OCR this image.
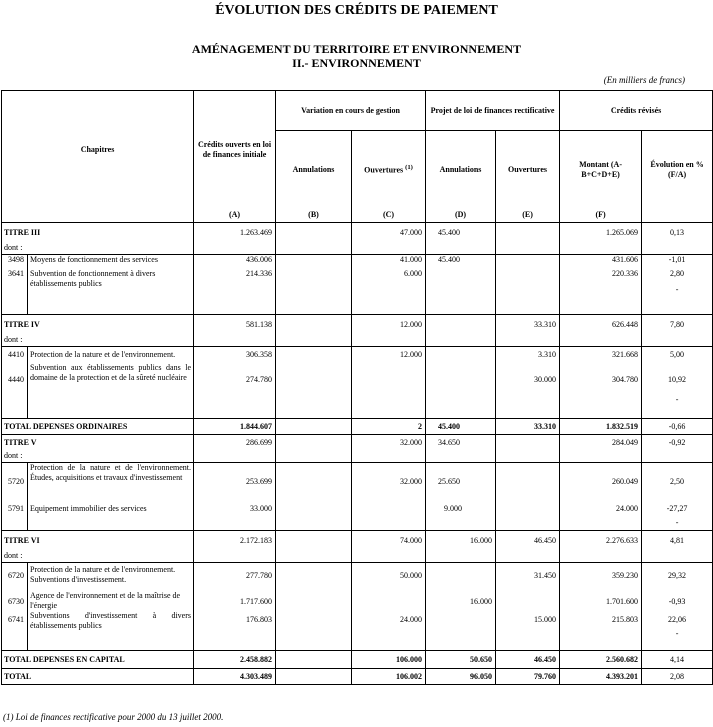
ÉVOLUTION DES CRÉDITS DE PAIEMENT
AMÉNAGEMENT DU TERRITOIRE ET ENVIRONNEMENT
II.- ENVIRONNEMENT
(En milliers de francs)
Chapitres		Crédits ouverts en loi de finances initiale	Variation en cours de gestion		Projet de loi de finances rectificative		Crédits révisés	
			Annulations	Ouvertures $^{(1)}$	Annulations	Ouvertures	Montant (A-B+C+D+E)	Évolution en % (F/A)

		(A)	(B)	(C)	(D)	(E)	(F)	
TITRE III		1.263.469		47.000	45.400		1.265.069	0,13
dont :								
3498	Moyens de fonctionnement des services	436.006		41.000	45.400		431.606	-1,01
3641	Subvention de fonctionnement à divers établissements publics	214.336		6.000			220.336	2,80
-

TITRE IV		581.138		12.000		33.310	626.448	7,80
dont :								
4410	Protection de la nature et de l'environnement.	306.358		12.000		3.310	321.668	5,00
4440	Subvention aux établissements publics dans le domaine de la protection et de la sûreté nucléaire	274.780				30.000	304.780	10,92
-

TOTAL DEPENSES ORDINAIRES		1.844.607		2	45.400	33.310	1.832.519	-0,66
TITRE V		286.699		32.000	34.650		284.049	-0,92
dont :								
5720	Protection de la nature et de l'environnement. Études, acquisitions et travaux d'investissement	253.699		32.000	25.650		260.049	2,50
5791	Equipement immobilier des services	33.000			9.000		24.000	-27,27
-

TITRE VI		2.172.183		74.000	16.000	46.450	2.276.633	4,81
dont :								
6720	Protection de la nature et de l'environnement. Subventions d'investissement.	277.780		50.000		31.450	359.230	29,32
6730	Agence de l'environnement et de la maîtrise de l'énergie	1.717.600			16.000		1.701.600	-0,93
6741	Subventions d'investissement à divers établissements publics	176.803		24.000		15.000	215.803	22,06
-

TOTAL DEPENSES EN CAPITAL		2.458.882		106.000	50.650	46.450	2.560.682	4,14
TOTAL		4.303.489		106.002	96.050	79.760	4.393.201	2,08
(1) Loi de finances rectificative pour 2000 du 13 juillet 2000.
